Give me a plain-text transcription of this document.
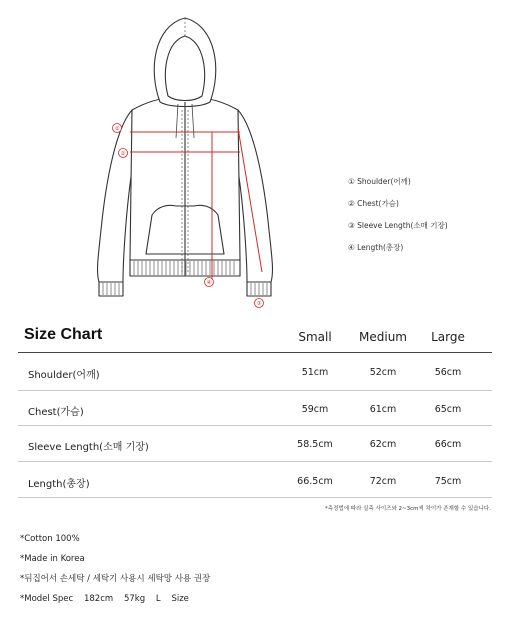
①
②
③
④
① Shoulder(어깨)
② Chest(가슴)
③ Sleeve Length(소매 기장)
④ Length(총장)
Size Chart	Small	Medium	Large
Shoulder(어깨)	51cm	52cm	56cm
Chest(가슴)	59cm	61cm	65cm
Sleeve Length(소매 기장)	58.5cm	62cm	66cm
Length(총장)	66.5cm	72cm	75cm
*측정법에 따라 실측 사이즈와 2~3cm씩 차이가 존재할 수 있습니다.
*Cotton 100%
*Made in Korea
*뒤집어서 손세탁 / 세탁기 사용시 세탁망 사용 권장
*Model Spec    182cm    57kg    L    Size
